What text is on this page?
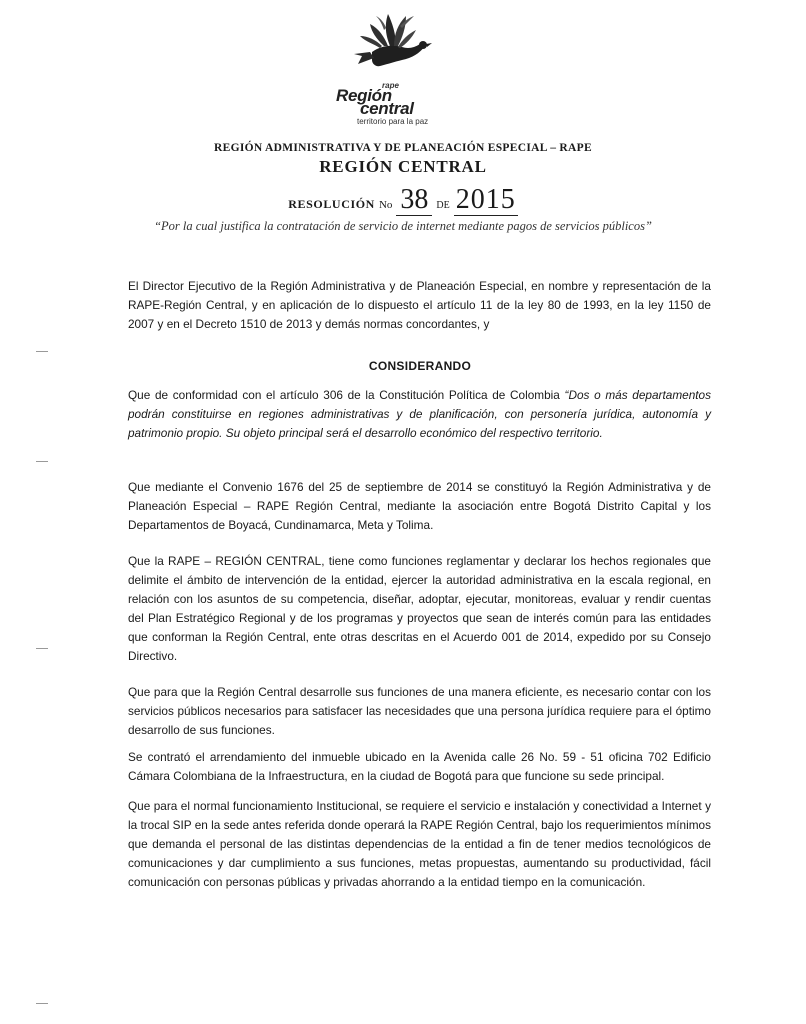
rape
Región
central
territorio para la paz
REGIÓN ADMINISTRATIVA Y DE PLANEACIÓN ESPECIAL – RAPE
REGIÓN CENTRAL
RESOLUCIÓN No 38 DE 2015
“Por la cual justifica la contratación de servicio de internet mediante pagos de servicios públicos”
El Director Ejecutivo de la Región Administrativa y de Planeación Especial, en nombre y representación de la RAPE-Región Central, y en aplicación de lo dispuesto el artículo 11 de la ley 80 de 1993, en la ley 1150 de 2007 y en el Decreto 1510 de 2013 y demás normas concordantes, y
CONSIDERANDO
Que de conformidad con el artículo 306 de la Constitución Política de Colombia “Dos o más departamentos podrán constituirse en regiones administrativas y de planificación, con personería jurídica, autonomía y patrimonio propio. Su objeto principal será el desarrollo económico del respectivo territorio.
Que mediante el Convenio 1676 del 25 de septiembre de 2014 se constituyó la Región Administrativa y de Planeación Especial – RAPE Región Central, mediante la asociación entre Bogotá Distrito Capital y los Departamentos de Boyacá, Cundinamarca, Meta y Tolima.
Que la RAPE – REGIÓN CENTRAL, tiene como funciones reglamentar y declarar los hechos regionales que delimite el ámbito de intervención de la entidad, ejercer la autoridad administrativa en la escala regional, en relación con los asuntos de su competencia, diseñar, adoptar, ejecutar, monitoreas, evaluar y rendir cuentas del Plan Estratégico Regional y de los programas y proyectos que sean de interés común para las entidades que conforman la Región Central, ente otras descritas en el Acuerdo 001 de 2014, expedido por su Consejo Directivo.
Que para que la Región Central desarrolle sus funciones de una manera eficiente, es necesario contar con los servicios públicos necesarios para satisfacer las necesidades que una persona jurídica requiere para el óptimo desarrollo de sus funciones.
Se contrató el arrendamiento del inmueble ubicado en la Avenida calle 26 No. 59 - 51 oficina 702 Edificio Cámara Colombiana de la Infraestructura, en la ciudad de Bogotá para que funcione su sede principal.
Que para el normal funcionamiento Institucional, se requiere el servicio e instalación y conectividad a Internet y la trocal SIP en la sede antes referida donde operará la RAPE Región Central, bajo los requerimientos mínimos que demanda el personal de las distintas dependencias de la entidad a fin de tener medios tecnológicos de comunicaciones y dar cumplimiento a sus funciones, metas propuestas, aumentando su productividad, fácil comunicación con personas públicas y privadas ahorrando a la entidad tiempo en la comunicación.
